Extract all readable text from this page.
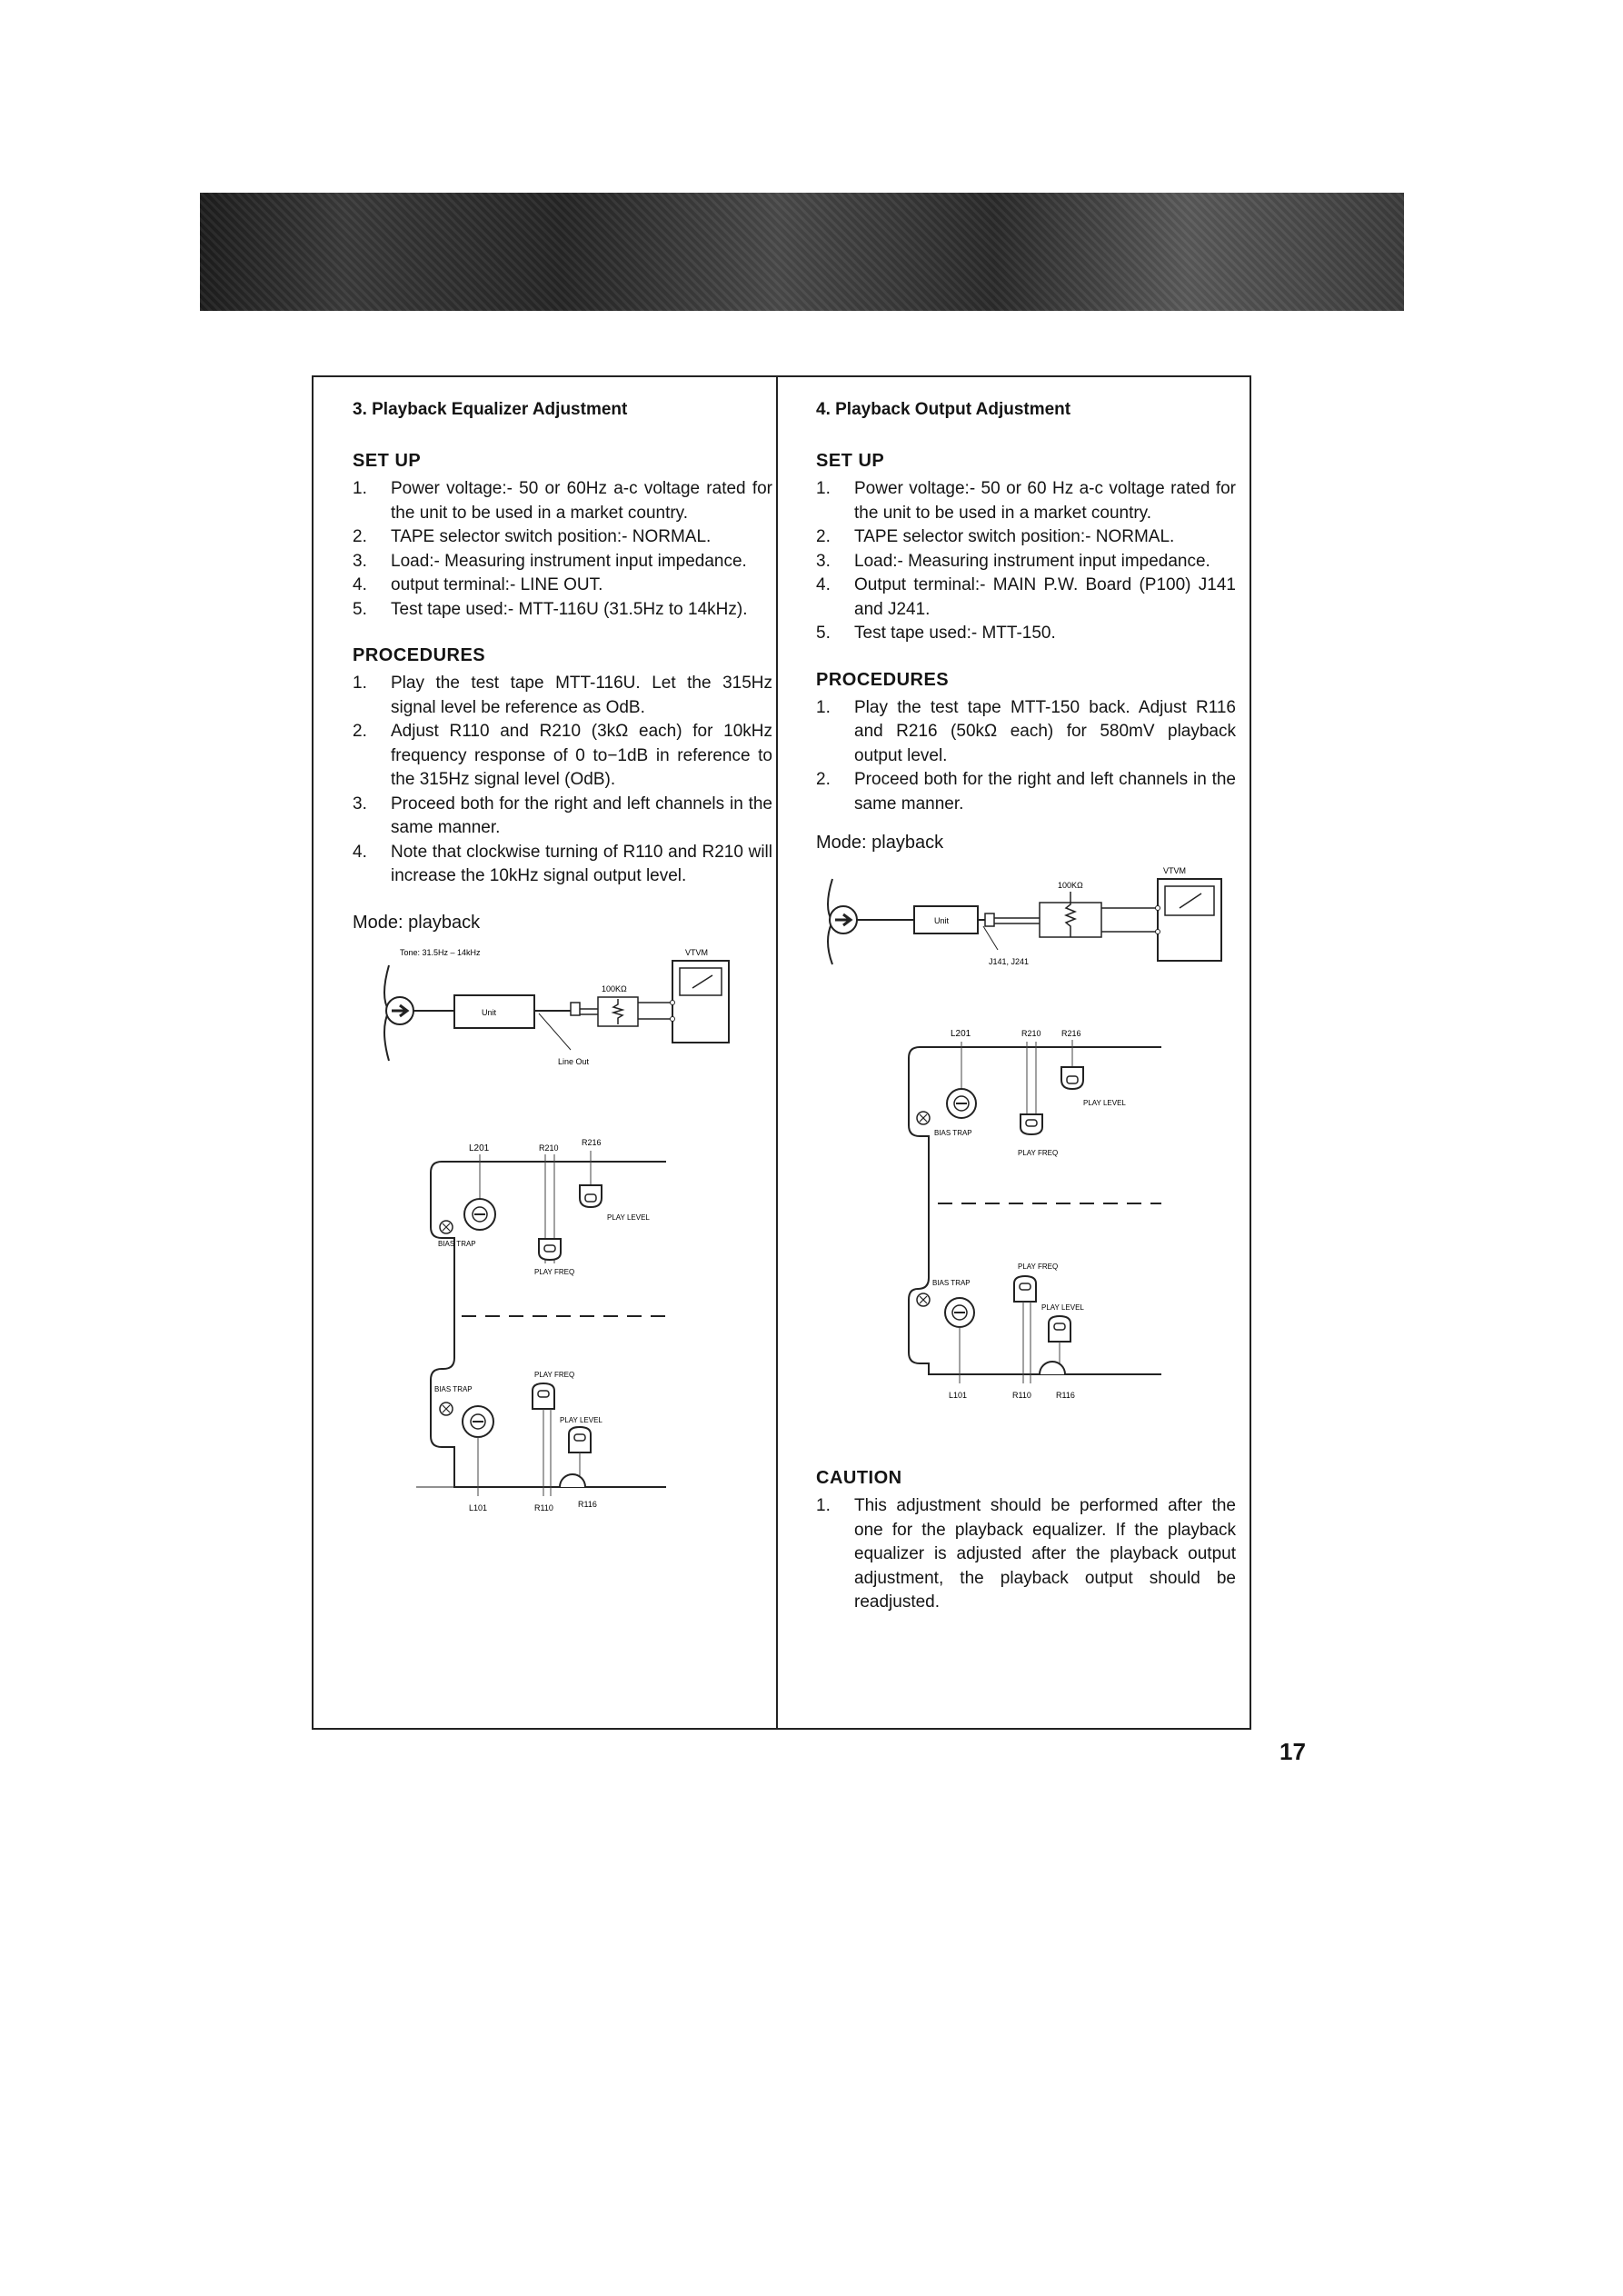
3. Playback Equalizer Adjustment
SET UP
1. Power voltage:- 50 or 60Hz a-c voltage rated for the unit to be used in a market country.
2. TAPE selector switch position:- NORMAL.
3. Load:- Measuring instrument input impedance.
4. output terminal:- LINE OUT.
5. Test tape used:- MTT-116U (31.5Hz to 14kHz).
PROCEDURES
1. Play the test tape MTT-116U. Let the 315Hz signal level be reference as OdB.
2. Adjust R110 and R210 (3kΩ each) for 10kHz frequency response of 0 to−1dB in reference to the 315Hz signal level (OdB).
3. Proceed both for the right and left channels in the same manner.
4. Note that clockwise turning of R110 and R210 will increase the 10kHz signal output level.
Mode: playback
Tone: 31.5Hz – 14kHz	VTVM
Unit
100KΩ
Line Out

L201	R210
R216
BIAS TRAP
PLAY LEVEL
PLAY FREQ
PLAY FREQ
BIAS TRAP
PLAY LEVEL
L101	R110	R116
4. Playback Output Adjustment
SET UP
1. Power voltage:- 50 or 60 Hz a-c voltage rated for the unit to be used in a market country.
2. TAPE selector switch position:- NORMAL.
3. Load:- Measuring instrument input impedance.
4. Output terminal:- MAIN P.W. Board (P100) J141 and J241.
5. Test tape used:- MTT-150.
PROCEDURES
1. Play the test tape MTT-150 back. Adjust R116 and R216 (50kΩ each) for 580mV playback output level.
2. Proceed both for the right and left channels in the same manner.
Mode: playback
VTVM
Unit
100KΩ
J141, J241

L201	R210 R216
BIAS TRAP
PLAY LEVEL
PLAY FREQ
PLAY FREQ
BIAS TRAP
PLAY LEVEL
L101	R110	R116
CAUTION
1. This adjustment should be performed after the one for the playback equalizer. If the playback equalizer is adjusted after the playback output adjustment, the playback output should be readjusted.
17
